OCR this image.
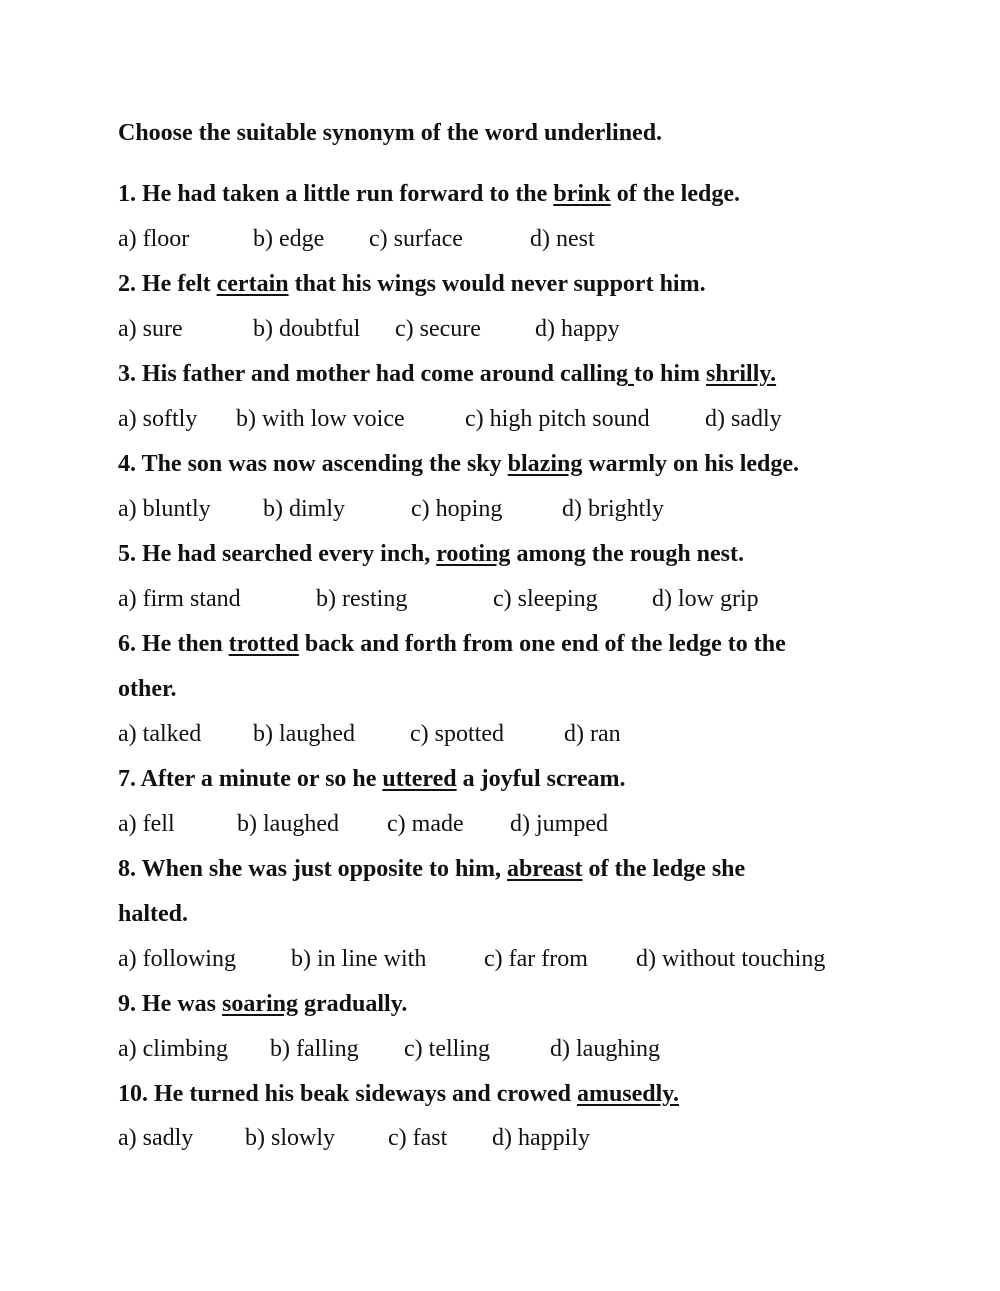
Choose the suitable synonym of the word underlined.
1. He had taken a little run forward to the brink of the ledge.
a) floor	b) edge c) surface	d) nest
2. He felt certain that his wings would never support him.
a) sure	b) doubtful c) secure d) happy
3. His father and mother had come around calling to him shrilly.
a) softly b) with low voice	c) high pitch sound d) sadly
4. The son was now ascending the sky blazing warmly on his ledge.
a) bluntly b) dimly	c) hoping d) brightly
5. He had searched every inch, rooting among the rough nest.
a) firm stand	b) resting	c) sleeping d) low grip
6. He then trotted back and forth from one end of the ledge to the
other.
a) talked b) laughed c) spotted	d) ran
7. After a minute or so he uttered a joyful scream.
a) fell	b) laughed c) made d) jumped
8. When she was just opposite to him, abreast of the ledge she
halted.
a) following b) in line with c) far from d) without touching
9. He was soaring gradually.
a) climbing b) falling c) telling	d) laughing
10. He turned his beak sideways and crowed amusedly.
a) sadly b) slowly c) fast d) happily
